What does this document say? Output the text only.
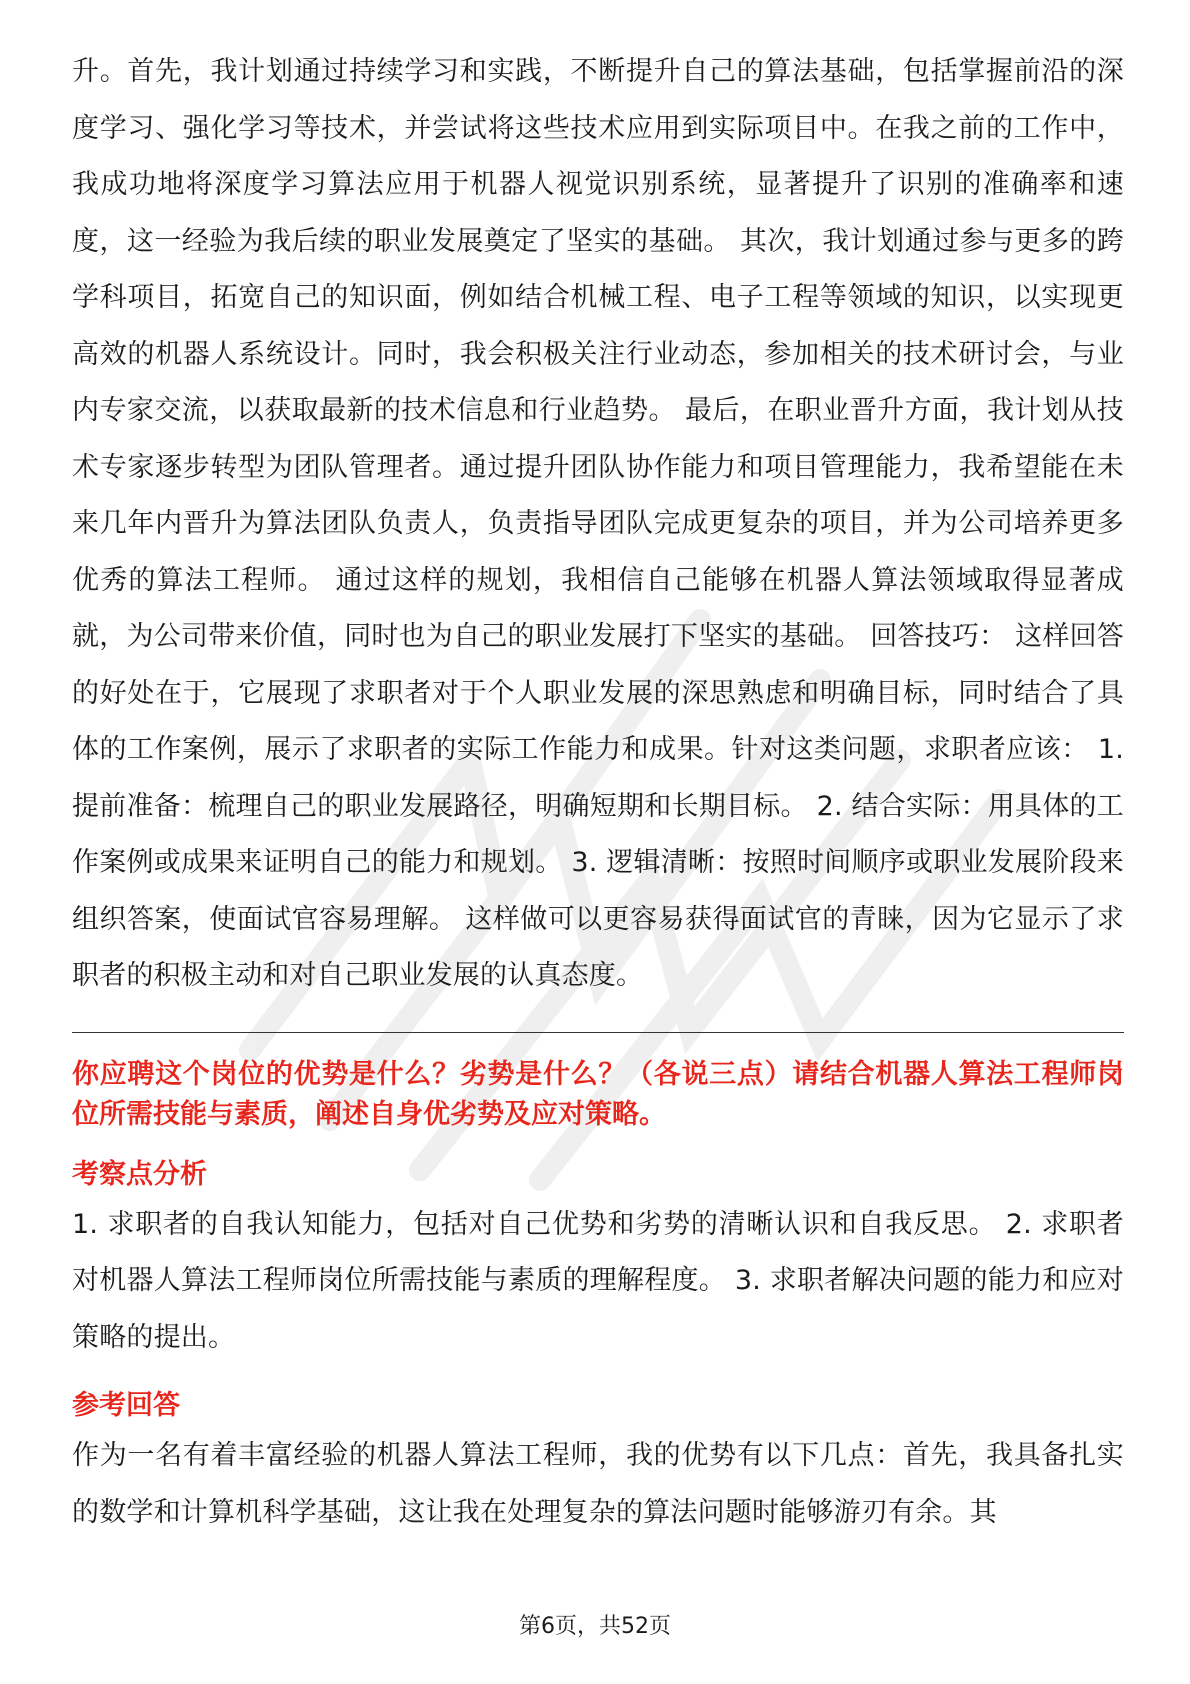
升。首先，我计划通过持续学习和实践，不断提升自己的算法基础，包括掌握前沿的深度学习、强化学习等技术，并尝试将这些技术应用到实际项目中。在我之前的工作中，我成功地将深度学习算法应用于机器人视觉识别系统，显著提升了识别的准确率和速度，这一经验为我后续的职业发展奠定了坚实的基础。 其次，我计划通过参与更多的跨学科项目，拓宽自己的知识面，例如结合机械工程、电子工程等领域的知识，以实现更高效的机器人系统设计。同时，我会积极关注行业动态，参加相关的技术研讨会，与业内专家交流，以获取最新的技术信息和行业趋势。 最后，在职业晋升方面，我计划从技术专家逐步转型为团队管理者。通过提升团队协作能力和项目管理能力，我希望能在未来几年内晋升为算法团队负责人，负责指导团队完成更复杂的项目，并为公司培养更多优秀的算法工程师。 通过这样的规划，我相信自己能够在机器人算法领域取得显著成就，为公司带来价值，同时也为自己的职业发展打下坚实的基础。 回答技巧： 这样回答的好处在于，它展现了求职者对于个人职业发展的深思熟虑和明确目标，同时结合了具体的工作案例，展示了求职者的实际工作能力和成果。针对这类问题，求职者应该： 1. 提前准备：梳理自己的职业发展路径，明确短期和长期目标。 2. 结合实际：用具体的工作案例或成果来证明自己的能力和规划。 3. 逻辑清晰：按照时间顺序或职业发展阶段来组织答案，使面试官容易理解。 这样做可以更容易获得面试官的青睐，因为它显示了求职者的积极主动和对自己职业发展的认真态度。

你应聘这个岗位的优势是什么？劣势是什么？（各说三点）请结合机器人算法工程师岗位所需技能与素质，阐述自身优劣势及应对策略。

考察点分析

1. 求职者的自我认知能力，包括对自己优势和劣势的清晰认识和自我反思。 2. 求职者对机器人算法工程师岗位所需技能与素质的理解程度。 3. 求职者解决问题的能力和应对策略的提出。

参考回答

作为一名有着丰富经验的机器人算法工程师，我的优势有以下几点：首先，我具备扎实的数学和计算机科学基础，这让我在处理复杂的算法问题时能够游刃有余。其

第6页，共52页
